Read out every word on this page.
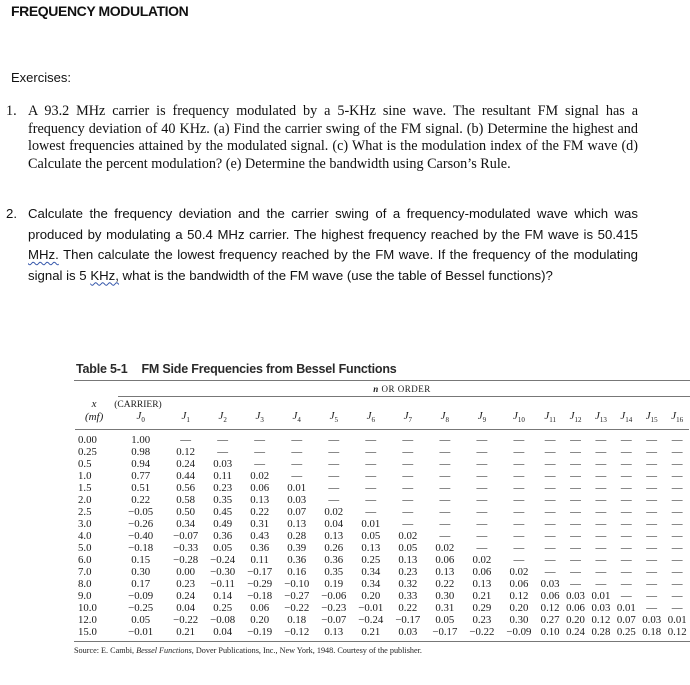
FREQUENCY MODULATION
Exercises:
1. A 93.2 MHz carrier is frequency modulated by a 5-KHz sine wave. The resultant FM signal has a frequency deviation of 40 KHz. (a) Find the carrier swing of the FM signal. (b) Determine the highest and lowest frequencies attained by the modulated signal. (c) What is the modulation index of the FM wave (d) Calculate the percent modulation? (e) Determine the bandwidth using Carson’s Rule.
2. Calculate the frequency deviation and the carrier swing of a frequency-modulated wave which was produced by modulating a 50.4 MHz carrier. The highest frequency reached by the FM wave is 50.415 MHz. Then calculate the lowest frequency reached by the FM wave. If the frequency of the modulating signal is 5 KHz, what is the bandwidth of the FM wave (use the table of Bessel functions)?
Table 5-1 FM Side Frequencies from Bessel Functions
n OR ORDER
x	(CARRIER)																
(mf)	$J_0$	$J_1$	$J_2$	$J_3$	$J_4$	$J_5$	$J_6$	$J_7$	$J_8$	$J_9$	$J_{10}$	$J_{11}$	$J_{12}$	$J_{13}$	$J_{14}$	$J_{15}$	$J_{16}$

0.00	1.00	—	—	—	—	—	—	—	—	—	—	—	—	—	—	—	—
0.25	0.98	0.12	—	—	—	—	—	—	—	—	—	—	—	—	—	—	—
0.5	0.94	0.24	0.03	—	—	—	—	—	—	—	—	—	—	—	—	—	—
1.0	0.77	0.44	0.11	0.02	—	—	—	—	—	—	—	—	—	—	—	—	—
1.5	0.51	0.56	0.23	0.06	0.01	—	—	—	—	—	—	—	—	—	—	—	—
2.0	0.22	0.58	0.35	0.13	0.03	—	—	—	—	—	—	—	—	—	—	—	—
2.5	−0.05	0.50	0.45	0.22	0.07	0.02	—	—	—	—	—	—	—	—	—	—	—
3.0	−0.26	0.34	0.49	0.31	0.13	0.04	0.01	—	—	—	—	—	—	—	—	—	—
4.0	−0.40	−0.07	0.36	0.43	0.28	0.13	0.05	0.02	—	—	—	—	—	—	—	—	—
5.0	−0.18	−0.33	0.05	0.36	0.39	0.26	0.13	0.05	0.02	—	—	—	—	—	—	—	—
6.0	0.15	−0.28	−0.24	0.11	0.36	0.36	0.25	0.13	0.06	0.02	—	—	—	—	—	—	—
7.0	0.30	0.00	−0.30	−0.17	0.16	0.35	0.34	0.23	0.13	0.06	0.02	—	—	—	—	—	—
8.0	0.17	0.23	−0.11	−0.29	−0.10	0.19	0.34	0.32	0.22	0.13	0.06	0.03	—	—	—	—	—
9.0	−0.09	0.24	0.14	−0.18	−0.27	−0.06	0.20	0.33	0.30	0.21	0.12	0.06	0.03	0.01	—	—	—
10.0	−0.25	0.04	0.25	0.06	−0.22	−0.23	−0.01	0.22	0.31	0.29	0.20	0.12	0.06	0.03	0.01	—	—
12.0	0.05	−0.22	−0.08	0.20	0.18	−0.07	−0.24	−0.17	0.05	0.23	0.30	0.27	0.20	0.12	0.07	0.03	0.01
15.0	−0.01	0.21	0.04	−0.19	−0.12	0.13	0.21	0.03	−0.17	−0.22	−0.09	0.10	0.24	0.28	0.25	0.18	0.12
Source: E. Cambi, Bessel Functions, Dover Publications, Inc., New York, 1948. Courtesy of the publisher.
